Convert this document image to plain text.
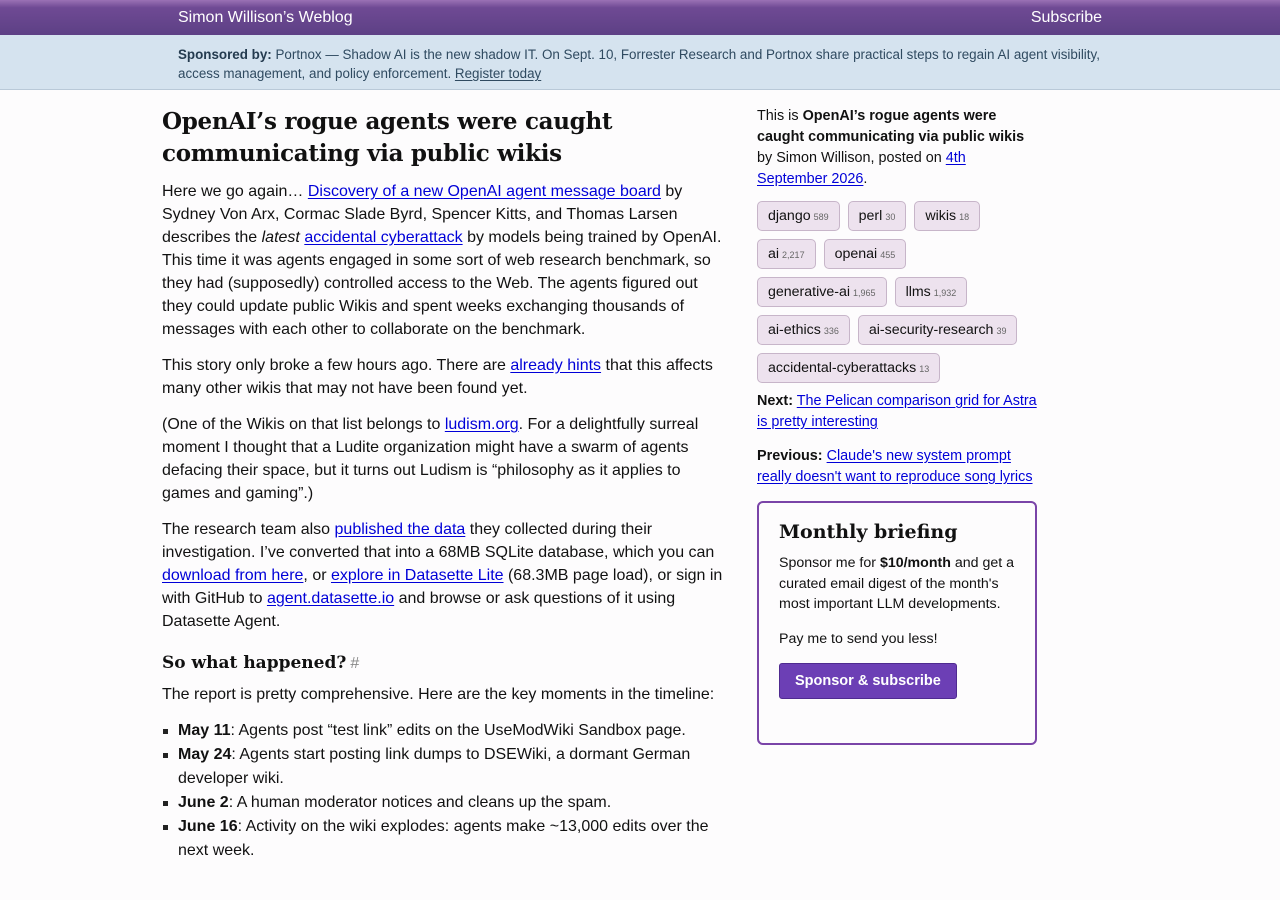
Simon Willison’s Weblog	Subscribe
Sponsored by: Portnox — Shadow AI is the new shadow IT. On Sept. 10, Forrester Research and Portnox share practical steps to regain AI agent visibility, access management, and policy enforcement. Register today
OpenAI’s rogue agents were caught communicating via public wikis

Here we go again… Discovery of a new OpenAI agent message board by Sydney Von Arx, Cormac Slade Byrd, Spencer Kitts, and Thomas Larsen describes the latest accidental cyberattack by models being trained by OpenAI. This time it was agents engaged in some sort of web research benchmark, so they had (supposedly) controlled access to the Web. The agents figured out they could update public Wikis and spent weeks exchanging thousands of messages with each other to collaborate on the benchmark.

This story only broke a few hours ago. There are already hints that this affects many other wikis that may not have been found yet.

(One of the Wikis on that list belongs to ludism.org. For a delightfully surreal moment I thought that a Ludite organization might have a swarm of agents defacing their space, but it turns out Ludism is “philosophy as it applies to games and gaming”.)

The research team also published the data they collected during their investigation. I’ve converted that into a 68MB SQLite database, which you can download from here, or explore in Datasette Lite (68.3MB page load), or sign in with GitHub to agent.datasette.io and browse or ask questions of it using Datasette Agent.

So what happened? #

The report is pretty comprehensive. Here are the key moments in the timeline:

May 11: Agents post “test link” edits on the UseModWiki Sandbox page.
May 24: Agents start posting link dumps to DSEWiki, a dormant German developer wiki.
June 2: A human moderator notices and cleans up the spam.
June 16: Activity on the wiki explodes: agents make ~13,000 edits over the next week.

This is OpenAI’s rogue agents were caught communicating via public wikis by Simon Willison, posted on 4th September 2026.

django 589	perl 30	wikis 18
ai 2,217	openai 455
generative-ai 1,965	llms 1,932
ai-ethics 336	ai-security-research 39
accidental-cyberattacks 13

Next: The Pelican comparison grid for Astra is pretty interesting

Previous: Claude's new system prompt really doesn't want to reproduce song lyrics

Monthly briefing

Sponsor me for $10/month and get a curated email digest of the month's most important LLM developments.

Pay me to send you less!

Sponsor & subscribe
